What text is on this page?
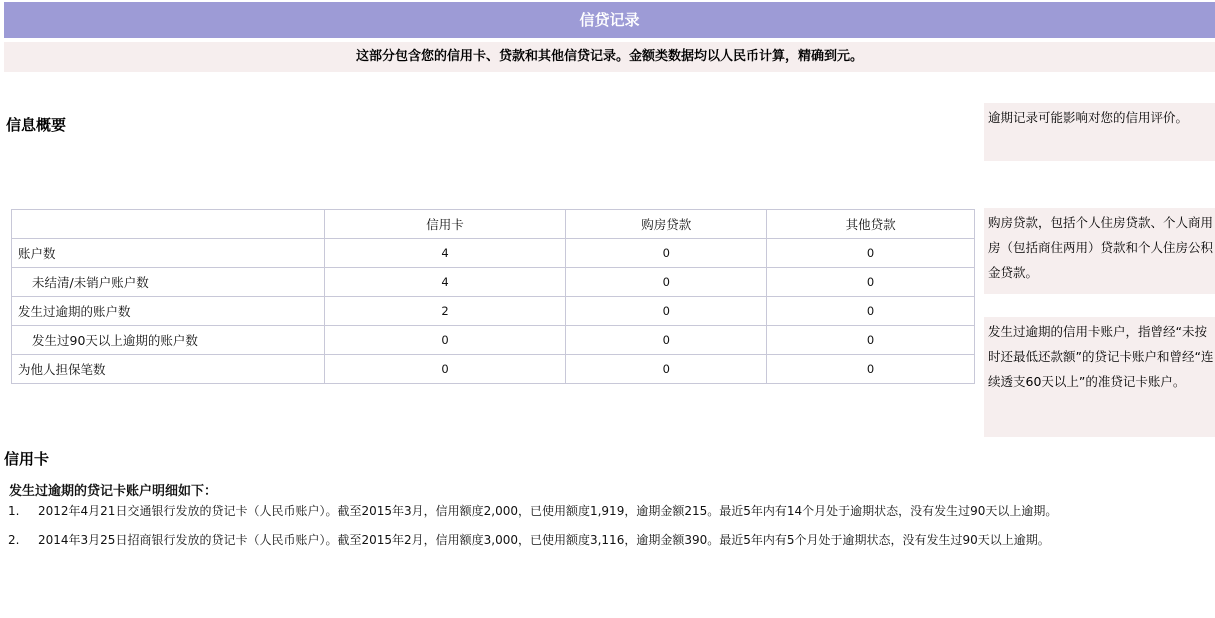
信贷记录
这部分包含您的信用卡、贷款和其他信贷记录。金额类数据均以人民币计算，精确到元。
信息概要	逾期记录可能影响对您的信用评价。
购房贷款，包括个人住房贷款、个人商用房（包括商住两用）贷款和个人住房公积金贷款。
发生过逾期的信用卡账户，指曾经“未按时还最低还款额”的贷记卡账户和曾经“连续透支60天以上”的准贷记卡账户。
	信用卡	购房贷款	其他贷款
账户数	4	0	0
未结清/未销户账户数	4	0	0
发生过逾期的账户数	2	0	0
发生过90天以上逾期的账户数	0	0	0
为他人担保笔数	0	0	0
信用卡
发生过逾期的贷记卡账户明细如下：
1. 2012年4月21日交通银行发放的贷记卡（人民币账户）。截至2015年3月，信用额度2,000，已使用额度1,919，逾期金额215。最近5年内有14个月处于逾期状态，没有发生过90天以上逾期。
2. 2014年3月25日招商银行发放的贷记卡（人民币账户）。截至2015年2月，信用额度3,000，已使用额度3,116，逾期金额390。最近5年内有5个月处于逾期状态，没有发生过90天以上逾期。
